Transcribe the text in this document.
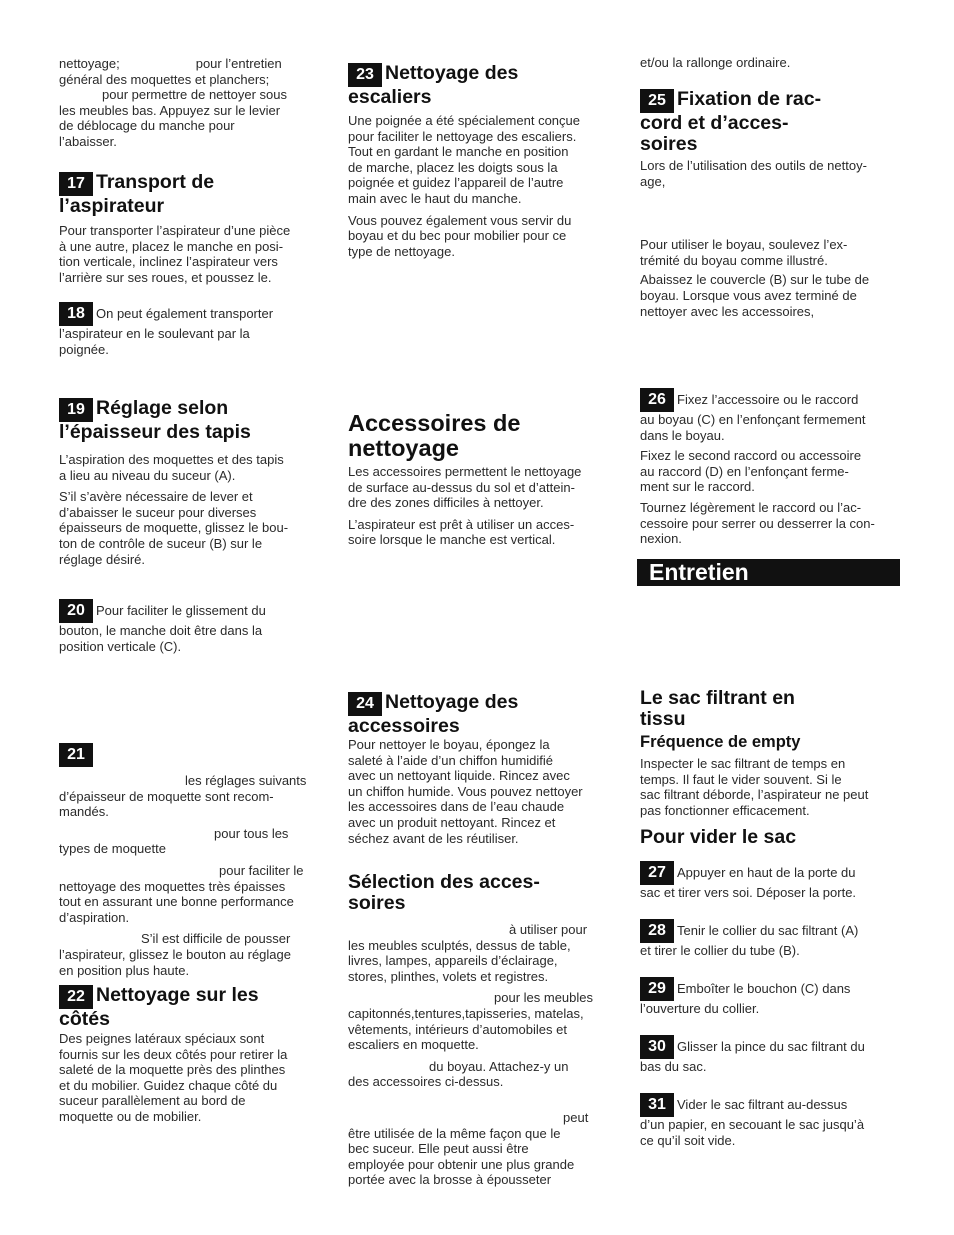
nettoyage;	pour l’entretien

général des moquettes et planchers;

pour permettre de nettoyer sous

les meubles bas. Appuyez sur le levier

de déblocage du manche pour

l’abaisser.

17 Transport de
l’aspirateur

Pour transporter l’aspirateur d’une pièce

à une autre, placez le manche en posi-

tion verticale, inclinez l’aspirateur vers

l’arrière sur ses roues, et poussez le.

18 On peut également transporter

l’aspirateur en le soulevant par la

poignée.

19 Réglage selon
l’épaisseur des tapis

L’aspiration des moquettes et des tapis

a lieu au niveau du suceur (A).

S’il s’avère nécessaire de lever et

d’abaisser le suceur pour diverses

épaisseurs de moquette, glissez le bou-

ton de contrôle de suceur (B) sur le

réglage désiré.

20 Pour faciliter le glissement du

bouton, le manche doit être dans la

position verticale (C).

21

les réglages suivants

d’épaisseur de moquette sont recom-

mandés.

pour tous les

types de moquette

pour faciliter le

nettoyage des moquettes très épaisses

tout en assurant une bonne performance

d’aspiration.

S’il est difficile de pousser

l’aspirateur, glissez le bouton au réglage

en position plus haute.

22 Nettoyage sur les
côtés

Des peignes latéraux spéciaux sont

fournis sur les deux côtés pour retirer la

saleté de la moquette près des plinthes

et du mobilier. Guidez chaque côté du

suceur parallèlement au bord de

moquette ou de mobilier.

23 Nettoyage des
escaliers

Une poignée a été spécialement conçue

pour faciliter le nettoyage des escaliers.

Tout en gardant le manche en position

de marche, placez les doigts sous la

poignée et guidez l’appareil de l’autre

main avec le haut du manche.

Vous pouvez également vous servir du

boyau et du bec pour mobilier pour ce

type de nettoyage.

Accessoires de
nettoyage

Les accessoires permettent le nettoyage

de surface au-dessus du sol et d’attein-

dre des zones difficiles à nettoyer.

L’aspirateur est prêt à utiliser un acces-

soire lorsque le manche est vertical.

24 Nettoyage des
accessoires

Pour nettoyer le boyau, épongez la

saleté à l’aide d’un chiffon humidifié

avec un nettoyant liquide. Rincez avec

un chiffon humide. Vous pouvez nettoyer

les accessoires dans de l’eau chaude

avec un produit nettoyant. Rincez et

séchez avant de les réutiliser.

Sélection des acces-
soires

à utiliser pour

les meubles sculptés, dessus de table,

livres, lampes, appareils d’éclairage,

stores, plinthes, volets et registres.

pour les meubles

capitonnés,tentures,tapisseries, matelas,

vêtements, intérieurs d’automobiles et

escaliers en moquette.

du boyau. Attachez-y un

des accessoires ci-dessus.

peut

être utilisée de la même façon que le

bec suceur. Elle peut aussi être

employée pour obtenir une plus grande

portée avec la brosse à épousseter

et/ou la rallonge ordinaire.

25 Fixation de rac-
cord et d’acces-
soires

Lors de l’utilisation des outils de nettoy-

age,

Pour utiliser le boyau, soulevez l’ex-

trémité du boyau comme illustré.

Abaissez le couvercle (B) sur le tube de

boyau. Lorsque vous avez terminé de

nettoyer avec les accessoires,

26 Fixez l’accessoire ou le raccord

au boyau (C) en l’enfonçant fermement

dans le boyau.

Fixez le second raccord ou accessoire

au raccord (D) en l’enfonçant ferme-

ment sur le raccord.

Tournez légèrement le raccord ou l’ac-

cessoire pour serrer ou desserrer la con-

nexion.

Entretien
Le sac filtrant en
tissu
Fréquence de empty

Inspecter le sac filtrant de temps en

temps. Il faut le vider souvent. Si le

sac filtrant déborde, l’aspirateur ne peut

pas fonctionner efficacement.

Pour vider le sac

27 Appuyer en haut de la porte du

sac et tirer vers soi. Déposer la porte.

28 Tenir le collier du sac filtrant (A)

et tirer le collier du tube (B).

29 Emboîter le bouchon (C) dans

l’ouverture du collier.

30 Glisser la pince du sac filtrant du

bas du sac.

31 Vider le sac filtrant au-dessus

d’un papier, en secouant le sac jusqu’à

ce qu’il soit vide.
